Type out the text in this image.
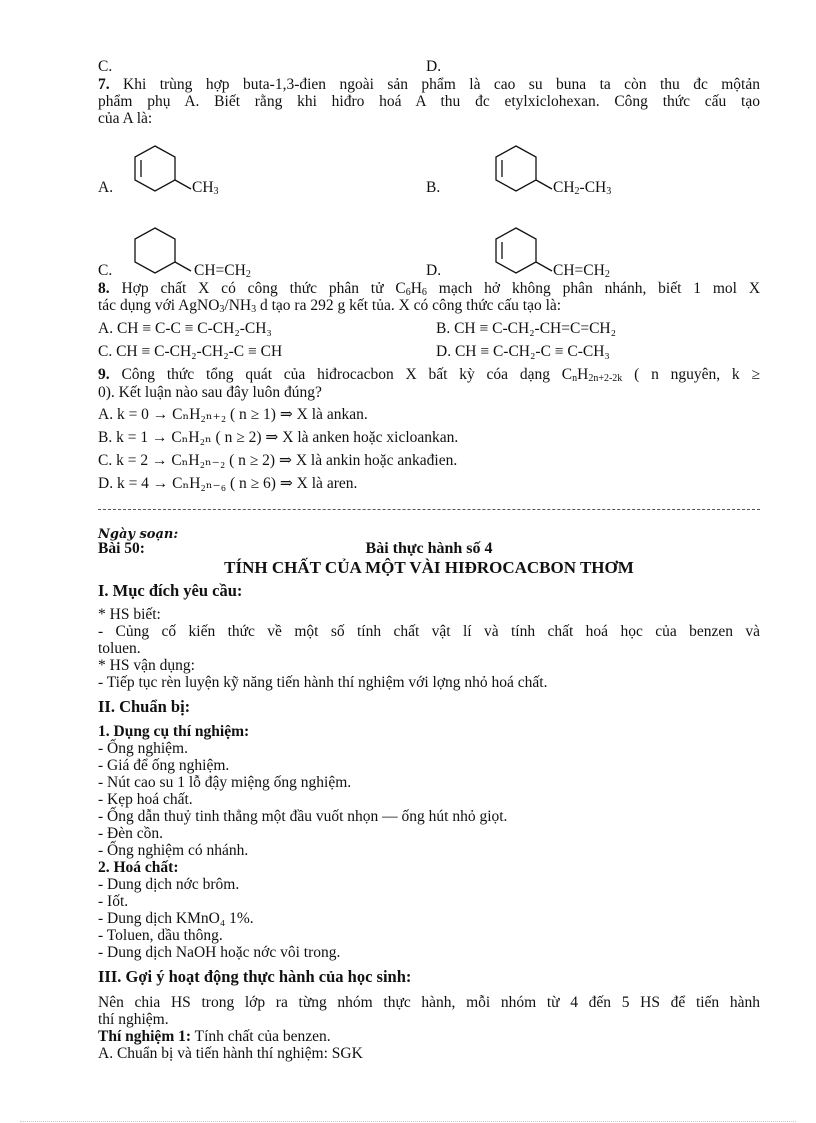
C.	D.
7. Khi trùng hợp buta-1,3-đien ngoài sản phẩm là cao su buna ta còn thu đc mộtản
phẩm phụ A. Biết rằng khi hiđro hoá A thu đc etylxiclohexan. Công thức cấu tạo
của A là:
A.	$CH_3$	B.	$CH_2-CH_3$
C.	$CH=CH_2$	D.	$CH=CH_2$
8. Hợp chất X có công thức phân tử $C_6H_6$ mạch hở không phân nhánh, biết 1 mol X
tác dụng với $AgNO_3/NH_3$ d tạo ra 292 g kết tủa. X có công thức cấu tạo là:
A. CH ≡ C-C ≡ C-CH₂-CH₃	B. CH ≡ C-CH₂-CH=C=CH₂
C. CH ≡ C-CH₂-CH₂-C ≡ CH	D. CH ≡ C-CH₂-C ≡ C-CH₃
9. Công thức tổng quát của hiđrocacbon X bất kỳ cóa dạng $C_nH_{2n+2-2k}$ ( n nguyên, k ≥
0). Kết luận nào sau đây luôn đúng?
A. k = 0 → CₙH₂ₙ₊₂ ( n ≥ 1) ⇒ X là ankan.
B. k = 1 → CₙH₂ₙ ( n ≥ 2) ⇒ X là anken hoặc xicloankan.
C. k = 2 → CₙH₂ₙ₋₂ ( n ≥ 2) ⇒ X là ankin hoặc ankađien.
D. k = 4 → CₙH₂ₙ₋₆ ( n ≥ 6) ⇒ X là aren.
Ngày soạn:
Bài 50:	Bài thực hành số 4
TÍNH CHẤT CỦA MỘT VÀI HIĐROCACBON THƠM
I. Mục đích yêu cầu:
* HS biết:
- Củng cố kiến thức về một số tính chất vật lí và tính chất hoá học của benzen và
toluen.
* HS vận dụng:
- Tiếp tục rèn luyện kỹ năng tiến hành thí nghiệm với lợng nhỏ hoá chất.
II. Chuẩn bị:
1. Dụng cụ thí nghiệm:
- Ống nghiệm.
- Giá để ống nghiệm.
- Nút cao su 1 lỗ đậy miệng ống nghiệm.
- Kẹp hoá chất.
- Ống dẫn thuỷ tinh thẳng một đầu vuốt nhọn — ống hút nhỏ giọt.
- Đèn cồn.
- Ống nghiệm có nhánh.
2. Hoá chất:
- Dung dịch nớc brôm.
- Iốt.
- Dung dịch KMnO₄ 1%.
- Toluen, dầu thông.
- Dung dịch NaOH hoặc nớc vôi trong.
III. Gợi ý hoạt động thực hành của học sinh:
Nên chia HS trong lớp ra từng nhóm thực hành, mỗi nhóm từ 4 đến 5 HS để tiến hành
thí nghiệm.
Thí nghiệm 1: Tính chất của benzen.
A. Chuẩn bị và tiến hành thí nghiệm: SGK
